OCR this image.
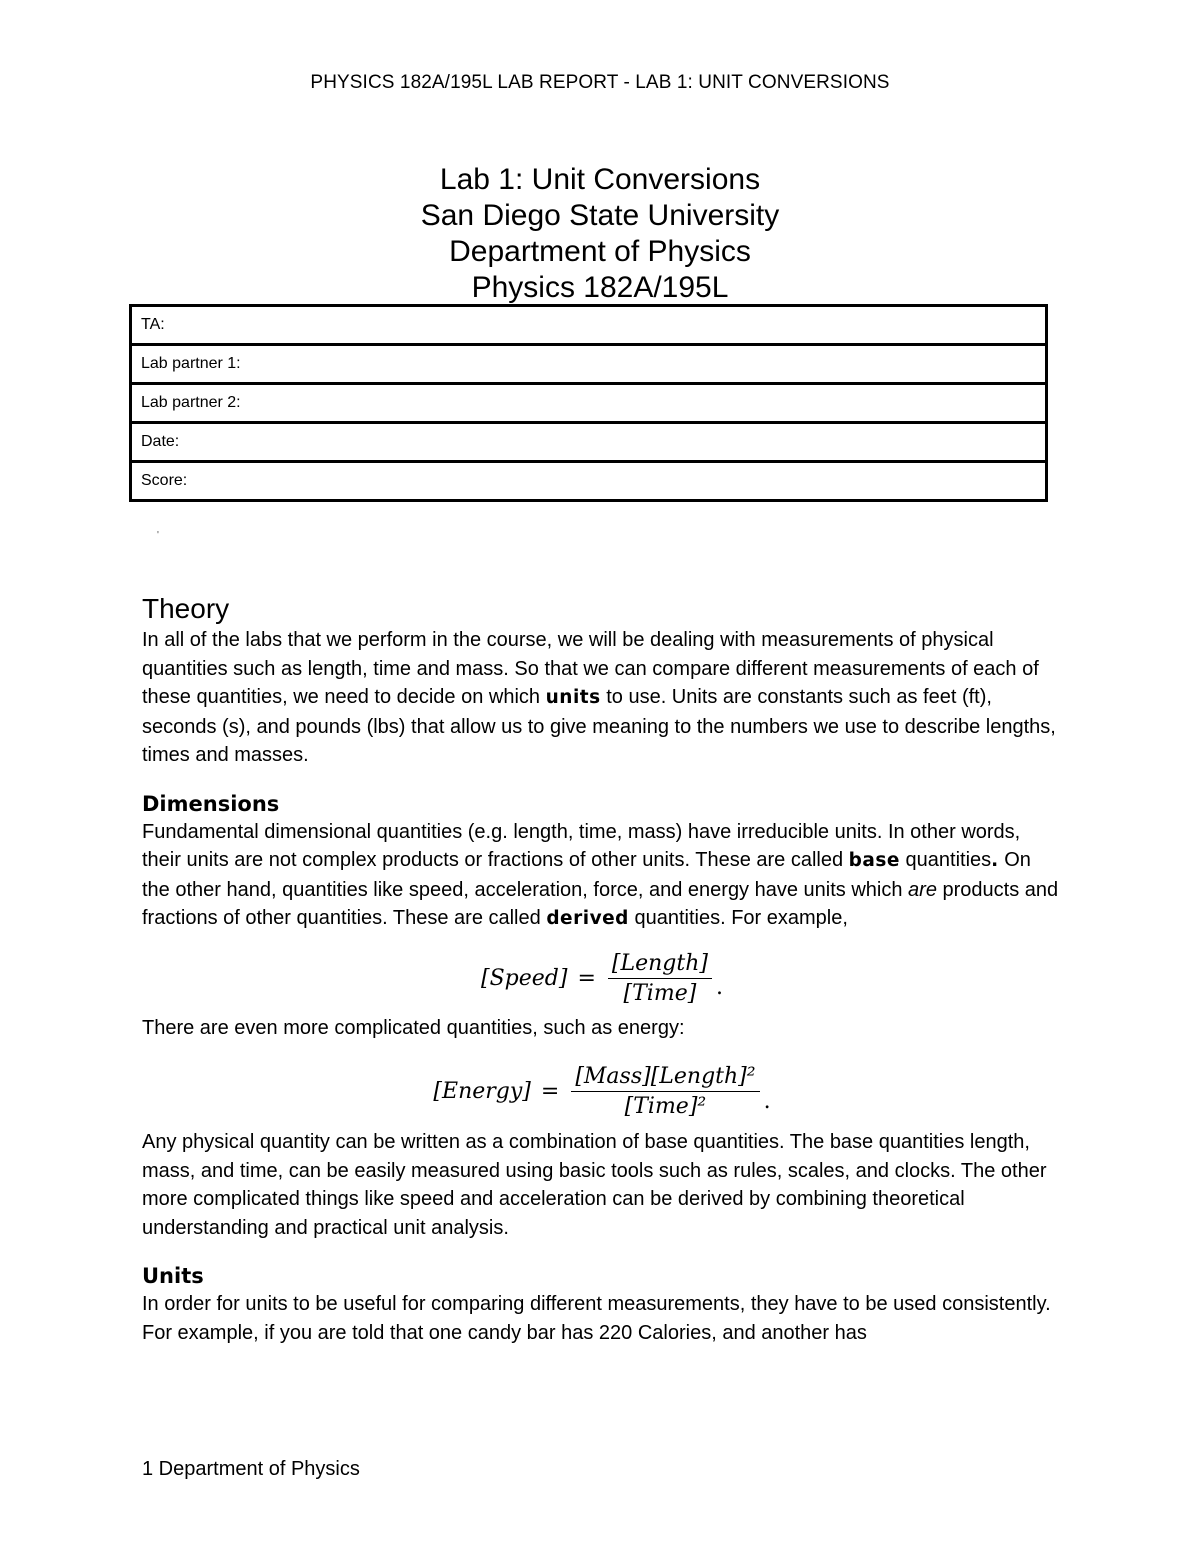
PHYSICS 182A/195L LAB REPORT - LAB 1: UNIT CONVERSIONS
Lab 1: Unit Conversions
San Diego State University
Department of Physics
Physics 182A/195L
TA:
Lab partner 1:
Lab partner 2:
Date:
Score:
'
Theory

In all of the labs that we perform in the course, we will be dealing with measurements of physical quantities such as length, time and mass. So that we can compare different measurements of each of these quantities, we need to decide on which units to use. Units are constants such as feet (ft), seconds (s), and pounds (lbs) that allow us to give meaning to the numbers we use to describe lengths, times and masses.

Dimensions

Fundamental dimensional quantities (e.g. length, time, mass) have irreducible units. In other words, their units are not complex products or fractions of other units. These are called base quantities. On the other hand, quantities like speed, acceleration, force, and energy have units which are products and fractions of other quantities. These are called derived quantities. For example,

[Speed] = $\frac{\text{[Length]}}{\text{[Time]}}$ .

There are even more complicated quantities, such as energy:

[Energy] = $\frac{\text{[Mass][Length]²}}{\text{[Time]²}}$ .

Any physical quantity can be written as a combination of base quantities. The base quantities length, mass, and time, can be easily measured using basic tools such as rules, scales, and clocks. The other more complicated things like speed and acceleration can be derived by combining theoretical understanding and practical unit analysis.

Units

In order for units to be useful for comparing different measurements, they have to be used consistently. For example, if you are told that one candy bar has 220 Calories, and another has

1 Department of Physics
